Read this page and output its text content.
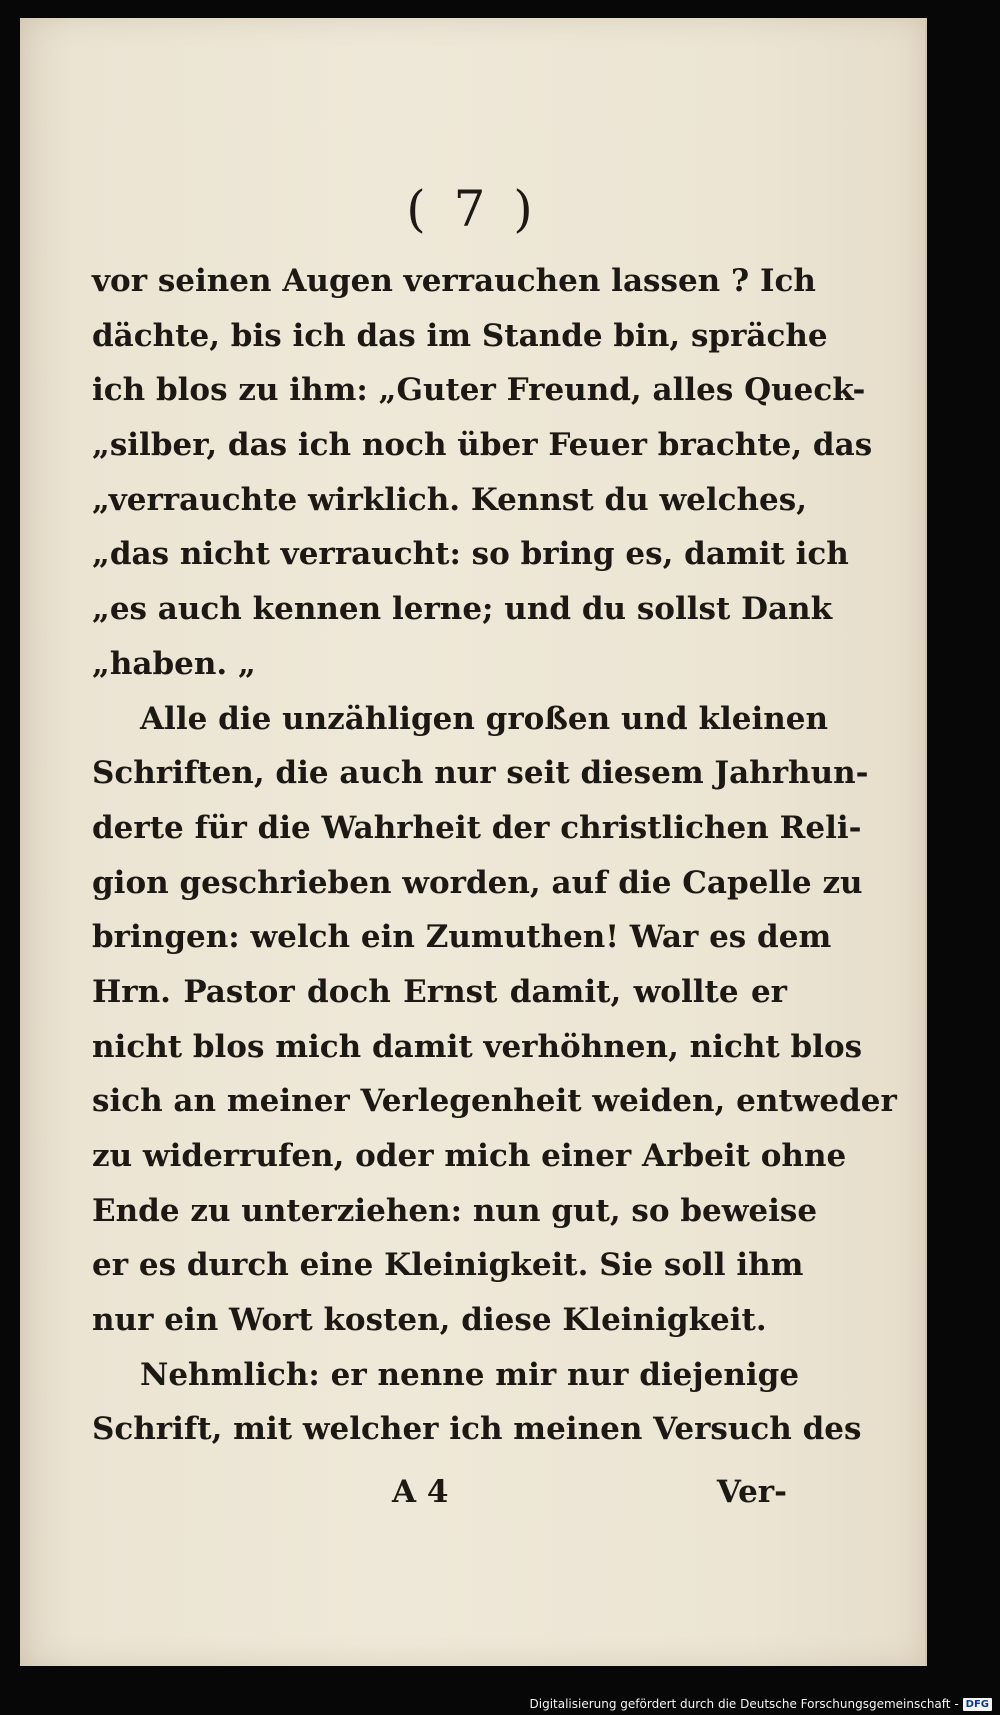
( 7 )
vor seinen Augen verrauchen lassen ? Ich
dächte, bis ich das im Stande bin, spräche
ich blos zu ihm: „Guter Freund, alles Queck-
„silber, das ich noch über Feuer brachte, das
„verrauchte wirklich. Kennst du welches,
„das nicht verraucht: so bring es, damit ich
„es auch kennen lerne; und du sollst Dank
„haben. „
Alle die unzähligen großen und kleinen
Schriften, die auch nur seit diesem Jahrhun-
derte für die Wahrheit der christlichen Reli-
gion geschrieben worden, auf die Capelle zu
bringen: welch ein Zumuthen! War es dem
Hrn. Pastor doch Ernst damit, wollte er
nicht blos mich damit verhöhnen, nicht blos
sich an meiner Verlegenheit weiden, entweder
zu widerrufen, oder mich einer Arbeit ohne
Ende zu unterziehen: nun gut, so beweise
er es durch eine Kleinigkeit. Sie soll ihm
nur ein Wort kosten, diese Kleinigkeit.
Nehmlich: er nenne mir nur diejenige
Schrift, mit welcher ich meinen Versuch des
A 4	Ver-
Digitalisierung gefördert durch die Deutsche Forschungsgemeinschaft - DFG
